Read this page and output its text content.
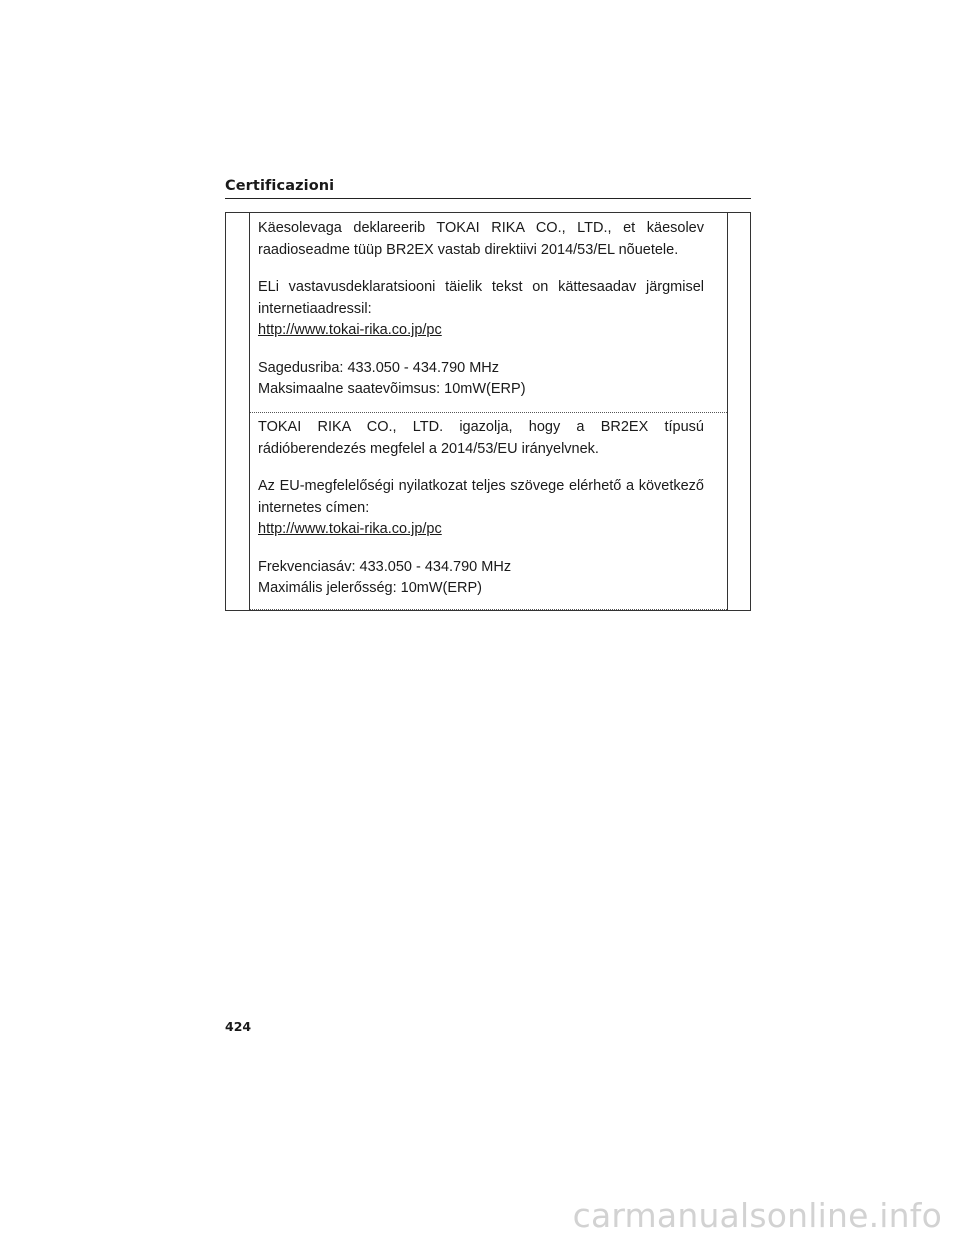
Certificazioni

Käesolevaga deklareerib TOKAI RIKA CO., LTD., et käesolev
raadioseadme tüüp BR2EX vastab direktiivi 2014/53/EL nõuetele.

ELi vastavusdeklaratsiooni täielik tekst on kättesaadav järgmisel
internetiaadressil:
http://www.tokai-rika.co.jp/pc

Sagedusriba: 433.050 - 434.790 MHz
Maksimaalne saatevõimsus: 10mW(ERP)

TOKAI RIKA CO., LTD. igazolja, hogy a BR2EX típusú
rádióberendezés megfelel a 2014/53/EU irányelvnek.

Az EU-megfelelőségi nyilatkozat teljes szövege elérhető a következő
internetes címen:
http://www.tokai-rika.co.jp/pc

Frekvenciasáv: 433.050 - 434.790 MHz
Maximális jelerősség: 10mW(ERP)

424
carmanualsonline.info
